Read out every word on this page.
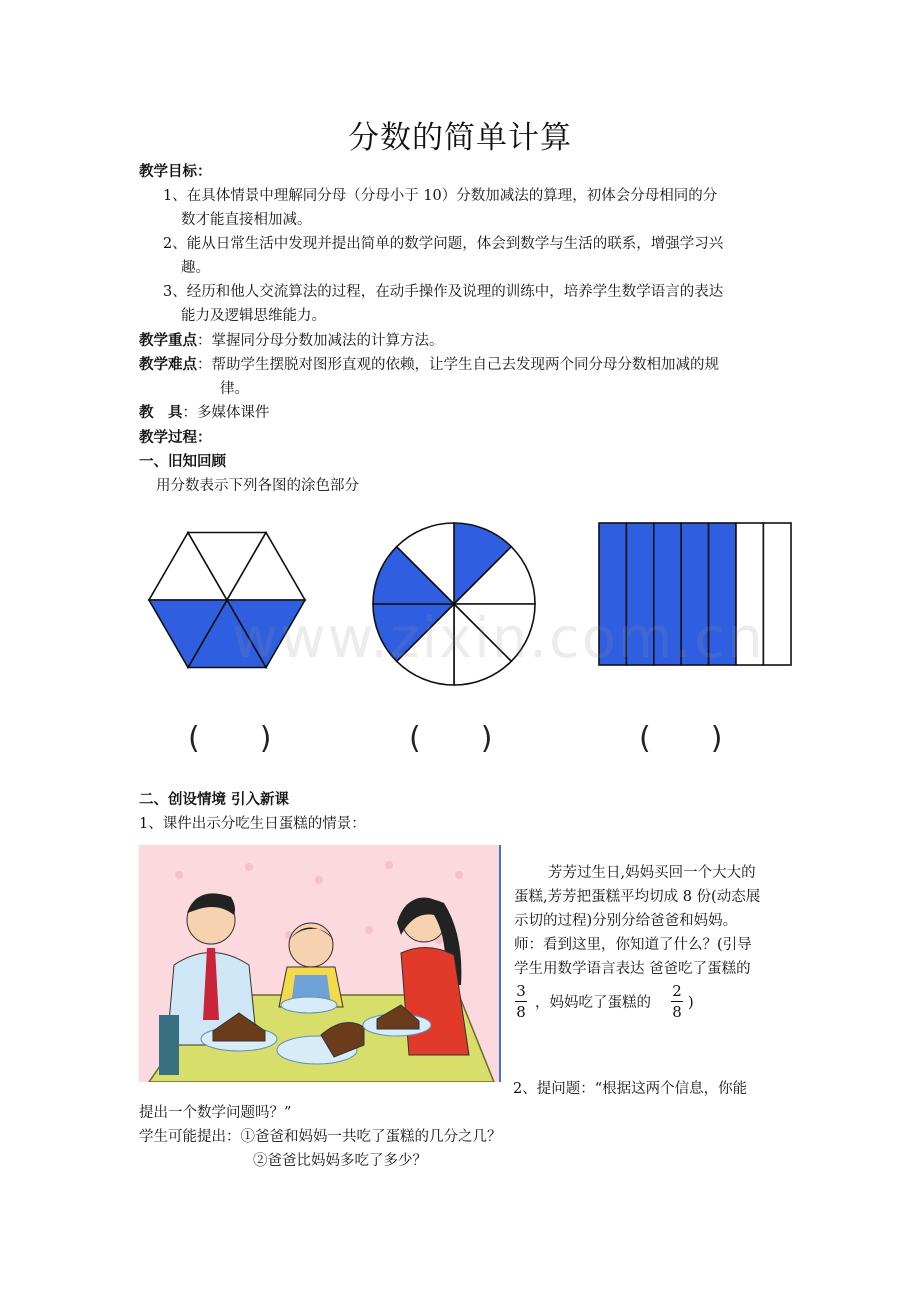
分数的简单计算
教学目标：
1、在具体情景中理解同分母（分母小于 10）分数加减法的算理，初体会分母相同的分
数才能直接相加减。
2、能从日常生活中发现并提出简单的数学问题，体会到数学与生活的联系，增强学习兴
趣。
3、经历和他人交流算法的过程，在动手操作及说理的训练中，培养学生数学语言的表达
能力及逻辑思维能力。
教学重点：掌握同分母分数加减法的计算方法。
教学难点：帮助学生摆脱对图形直观的依赖，让学生自己去发现两个同分母分数相加减的规
律。
教　具：多媒体课件
教学过程：
一、旧知回顾
用分数表示下列各图的涂色部分
www.zixin.com.cn
(　　)	(　　)	(　　)
二、创设情境 引入新课
1、课件出示分吃生日蛋糕的情景：
芳芳过生日,妈妈买回一个大大的
蛋糕,芳芳把蛋糕平均切成 8 份(动态展
示切的过程)分别分给爸爸和妈妈。
师：看到这里，你知道了什么？(引导
学生用数学语言表达 爸爸吃了蛋糕的
3
8 ，妈妈吃了蛋糕的
2
8 )
2、提问题：“根据这两个信息，你能
提出一个数学问题吗？”
学生可能提出：①爸爸和妈妈一共吃了蛋糕的几分之几？
②爸爸比妈妈多吃了多少？
